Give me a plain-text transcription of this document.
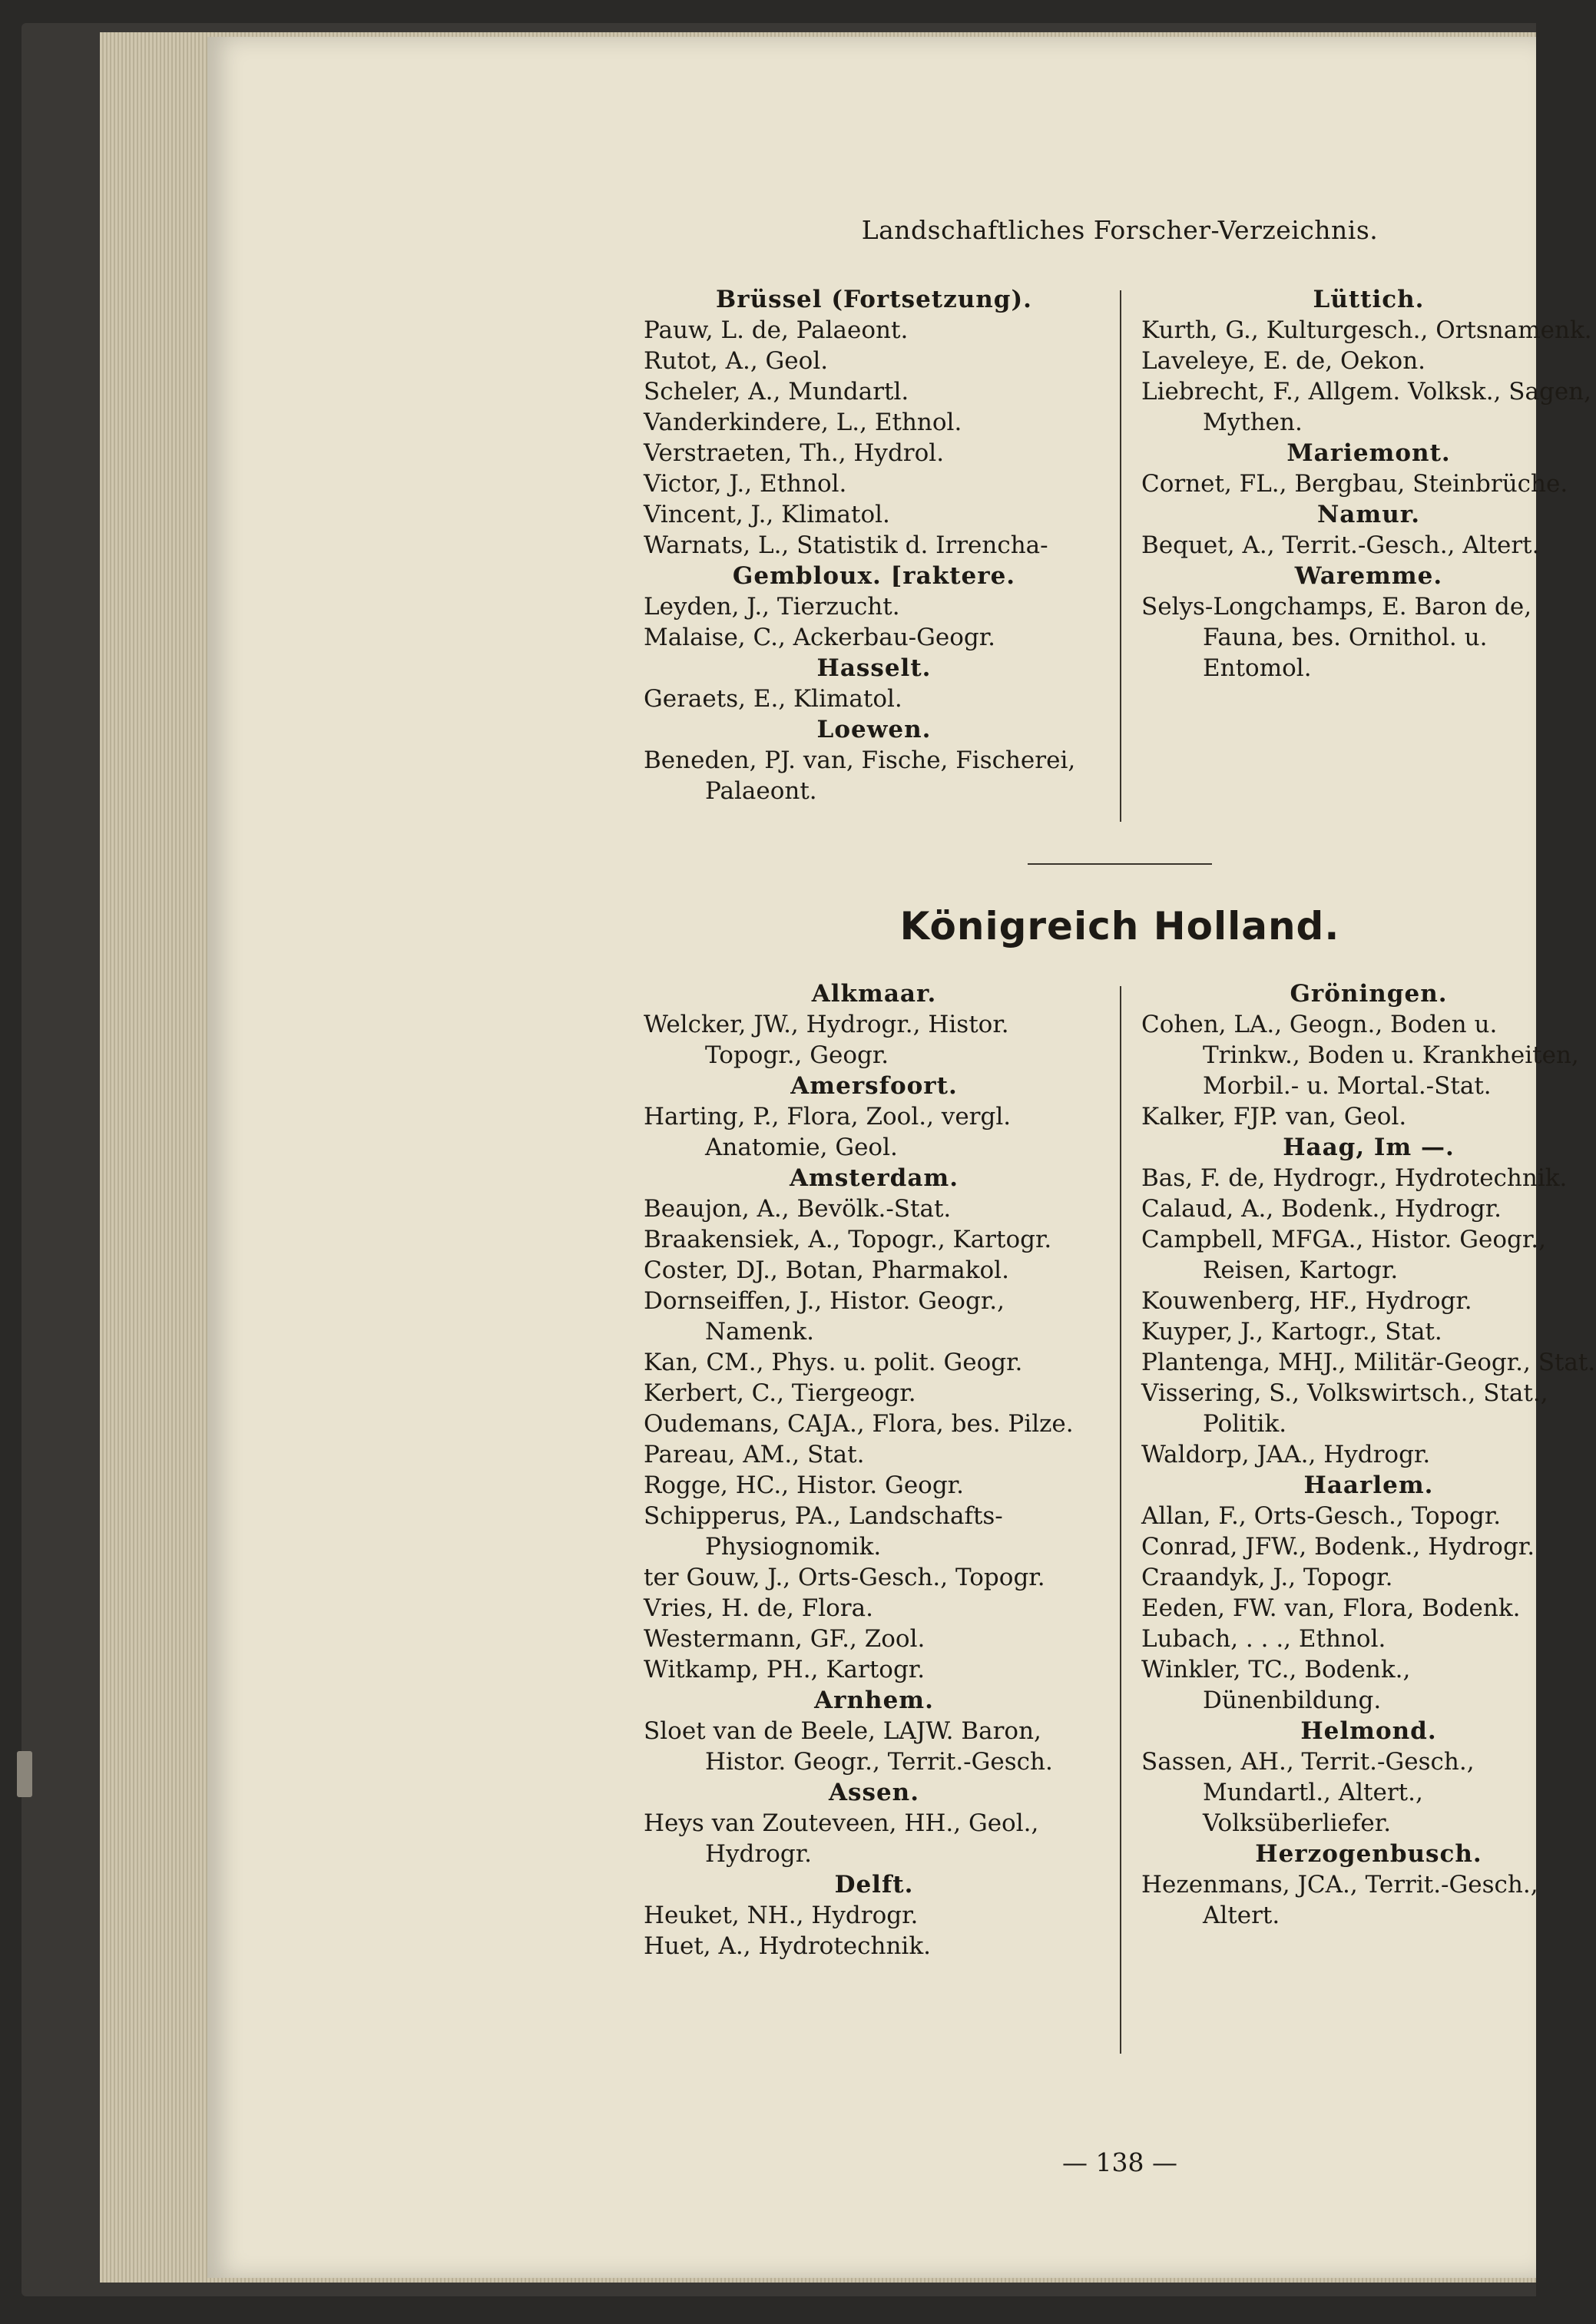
Landschaftliches Forscher-Verzeichnis.
Brüssel (Fortsetzung).
Pauw, L. de, Palaeont.
Rutot, A., Geol.
Scheler, A., Mundartl.
Vanderkindere, L., Ethnol.
Verstraeten, Th., Hydrol.
Victor, J., Ethnol.
Vincent, J., Klimatol.
Warnats, L., Statistik d. Irrencha-
Gembloux. [raktere.
Leyden, J., Tierzucht.
Malaise, C., Ackerbau-Geogr.
Hasselt.
Geraets, E., Klimatol.
Loewen.
Beneden, PJ. van, Fische, Fischerei, Palaeont.
Lüttich.
Kurth, G., Kulturgesch., Ortsnamenk.
Laveleye, E. de, Oekon.
Liebrecht, F., Allgem. Volksk., Sagen, Mythen.
Mariemont.
Cornet, FL., Bergbau, Steinbrüche.
Namur.
Bequet, A., Territ.-Gesch., Altert.
Waremme.
Selys-Longchamps, E. Baron de, Fauna, bes. Ornithol. u. Entomol.
Königreich Holland.
Alkmaar.
Welcker, JW., Hydrogr., Histor. Topogr., Geogr.
Amersfoort.
Harting, P., Flora, Zool., vergl. Anatomie, Geol.
Amsterdam.
Beaujon, A., Bevölk.-Stat.
Braakensiek, A., Topogr., Kartogr.
Coster, DJ., Botan, Pharmakol.
Dornseiffen, J., Histor. Geogr., Namenk.
Kan, CM., Phys. u. polit. Geogr.
Kerbert, C., Tiergeogr.
Oudemans, CAJA., Flora, bes. Pilze.
Pareau, AM., Stat.
Rogge, HC., Histor. Geogr.
Schipperus, PA., Landschafts-Physiognomik.
ter Gouw, J., Orts-Gesch., Topogr.
Vries, H. de, Flora.
Westermann, GF., Zool.
Witkamp, PH., Kartogr.
Arnhem.
Sloet van de Beele, LAJW. Baron, Histor. Geogr., Territ.-Gesch.
Assen.
Heys van Zouteveen, HH., Geol., Hydrogr.
Delft.
Heuket, NH., Hydrogr.
Huet, A., Hydrotechnik.
Gröningen.
Cohen, LA., Geogn., Boden u. Trinkw., Boden u. Krankheiten, Morbil.- u. Mortal.-Stat.
Kalker, FJP. van, Geol.
Haag, Im —.
Bas, F. de, Hydrogr., Hydrotechnik.
Calaud, A., Bodenk., Hydrogr.
Campbell, MFGA., Histor. Geogr., Reisen, Kartogr.
Kouwenberg, HF., Hydrogr.
Kuyper, J., Kartogr., Stat.
Plantenga, MHJ., Militär-Geogr., Stat.
Vissering, S., Volkswirtsch., Stat., Politik.
Waldorp, JAA., Hydrogr.
Haarlem.
Allan, F., Orts-Gesch., Topogr.
Conrad, JFW., Bodenk., Hydrogr.
Craandyk, J., Topogr.
Eeden, FW. van, Flora, Bodenk.
Lubach, . . ., Ethnol.
Winkler, TC., Bodenk., Dünenbildung.
Helmond.
Sassen, AH., Territ.-Gesch., Mundartl., Altert., Volksüberliefer.
Herzogenbusch.
Hezenmans, JCA., Territ.-Gesch., Altert.
— 138 —
